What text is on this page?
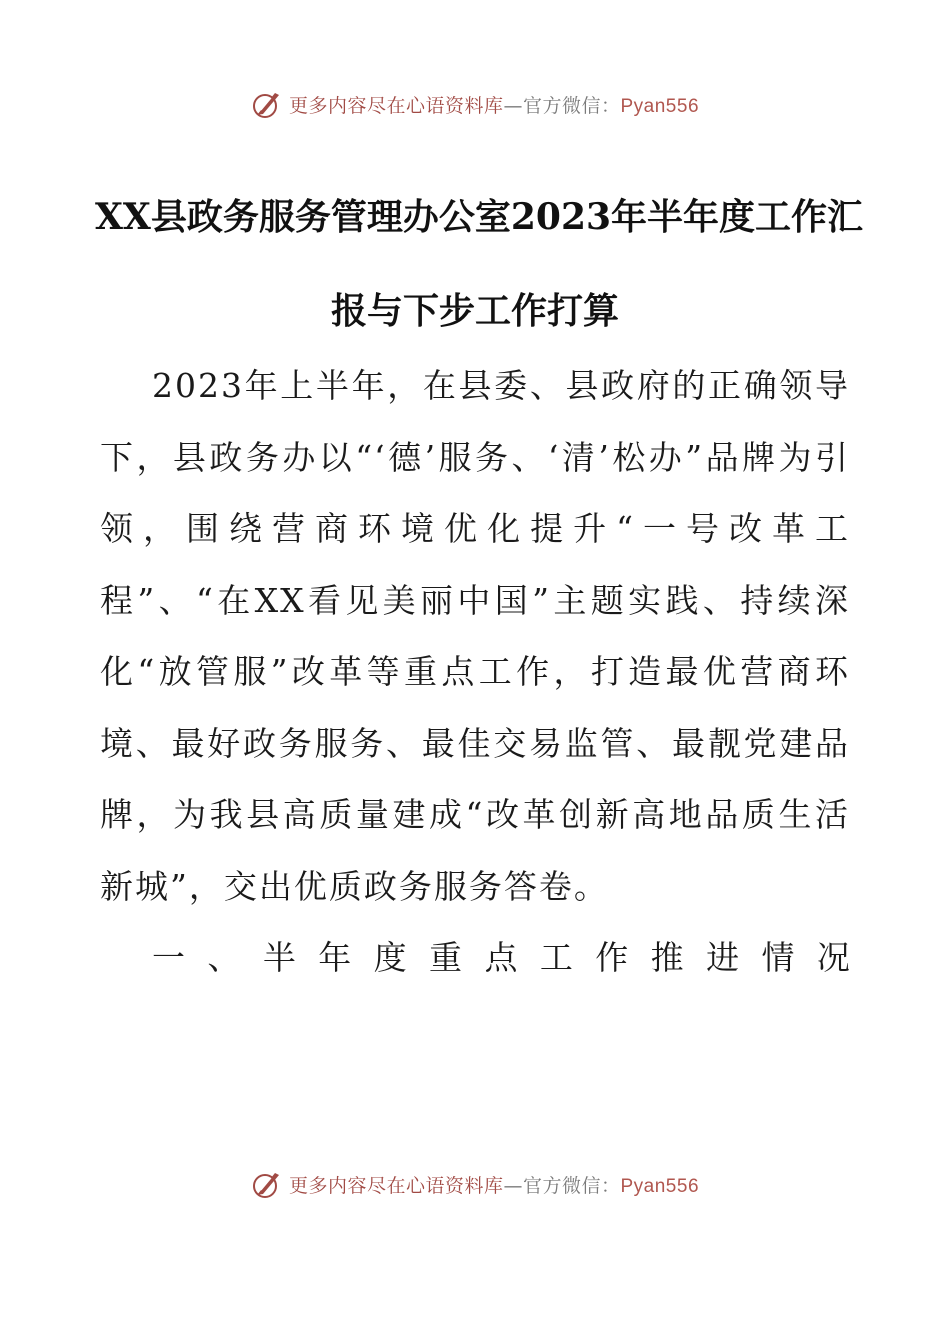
更多内容尽在心语资料库—官方微信：Pyan556
XX县政务服务管理办公室2023年半年度工作汇
报与下步工作打算

2023年上半年，在县委、县政府的正确领导下，县政务办以“‘德’服务、‘清’松办”品牌为引领，围绕营商环境优化提升“一号改革工程”、“在XX看见美丽中国”主题实践、持续深化“放管服”改革等重点工作，打造最优营商环境、最好政务服务、最佳交易监管、最靓党建品牌，为我县高质量建成“改革创新高地品质生活新城”，交出优质政务服务答卷。

一 、 半 年 度 重 点 工 作 推 进 情 况

更多内容尽在心语资料库—官方微信：Pyan556
